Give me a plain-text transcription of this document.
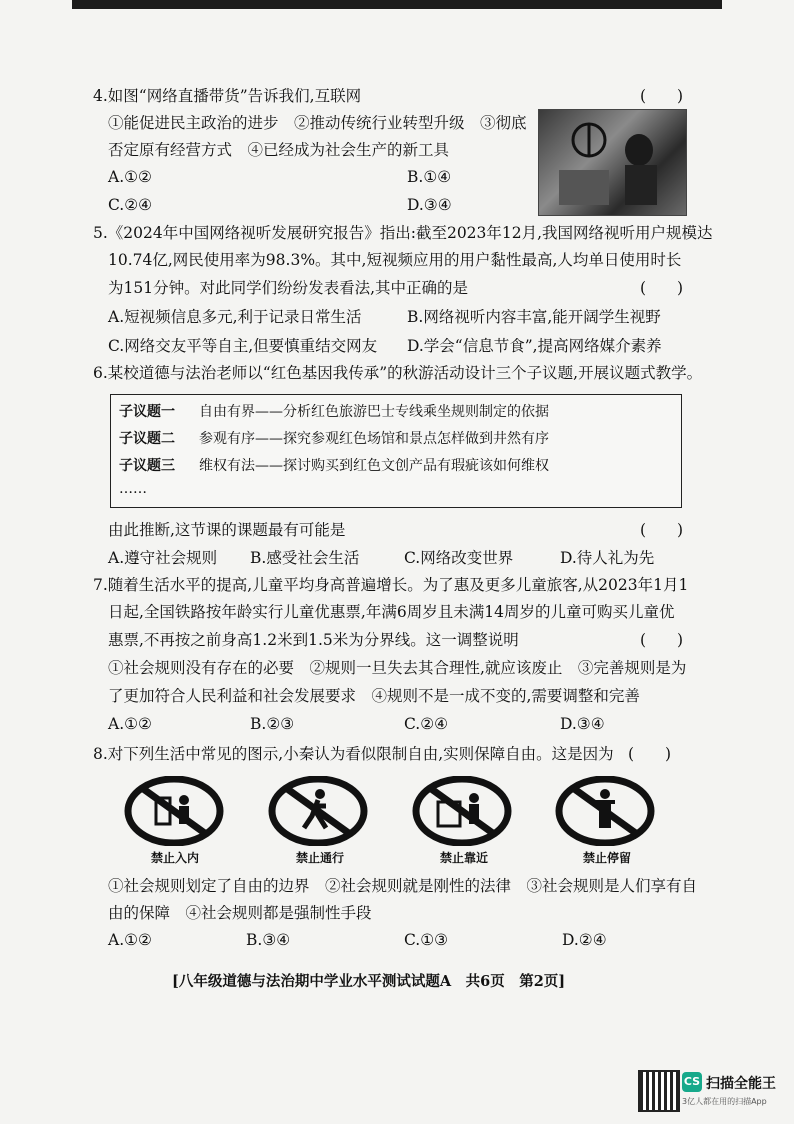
4.如图“网络直播带货”告诉我们,互联网	(　　)
①能促进民主政治的进步　②推动传统行业转型升级　③彻底
否定原有经营方式　④已经成为社会生产的新工具
A.①②	B.①④
C.②④	D.③④
5.《2024年中国网络视听发展研究报告》指出:截至2023年12月,我国网络视听用户规模达
10.74亿,网民使用率为98.3%。其中,短视频应用的用户黏性最高,人均单日使用时长
为151分钟。对此同学们纷纷发表看法,其中正确的是	(　　)
A.短视频信息多元,利于记录日常生活	B.网络视听内容丰富,能开阔学生视野
C.网络交友平等自主,但要慎重结交网友 D.学会“信息节食”,提高网络媒介素养
6.某校道德与法治老师以“红色基因我传承”的秋游活动设计三个子议题,开展议题式教学。
子议题一 自由有界——分析红色旅游巴士专线乘坐规则制定的依据
子议题二 参观有序——探究参观红色场馆和景点怎样做到井然有序
子议题三 维权有法——探讨购买到红色文创产品有瑕疵该如何维权
……
由此推断,这节课的课题最有可能是	(　　)
A.遵守社会规则 B.感受社会生活	C.网络改变世界	D.待人礼为先
7.随着生活水平的提高,儿童平均身高普遍增长。为了惠及更多儿童旅客,从2023年1月1
日起,全国铁路按年龄实行儿童优惠票,年满6周岁且未满14周岁的儿童可购买儿童优
惠票,不再按之前身高1.2米到1.5米为分界线。这一调整说明	(　　)
①社会规则没有存在的必要　②规则一旦失去其合理性,就应该废止　③完善规则是为
了更加符合人民利益和社会发展要求　④规则不是一成不变的,需要调整和完善
A.①②	B.②③	C.②④	D.③④
8.对下列生活中常见的图示,小秦认为看似限制自由,实则保障自由。这是因为 (　　)
禁止入内	禁止通行	禁止靠近	禁止停留
①社会规则划定了自由的边界　②社会规则就是刚性的法律　③社会规则是人们享有自
由的保障　④社会规则都是强制性手段
A.①②	B.③④	C.①③	D.②④
[八年级道德与法治期中学业水平测试试题A　共6页　第2页]
CS 扫描全能王
3亿人都在用的扫描App
